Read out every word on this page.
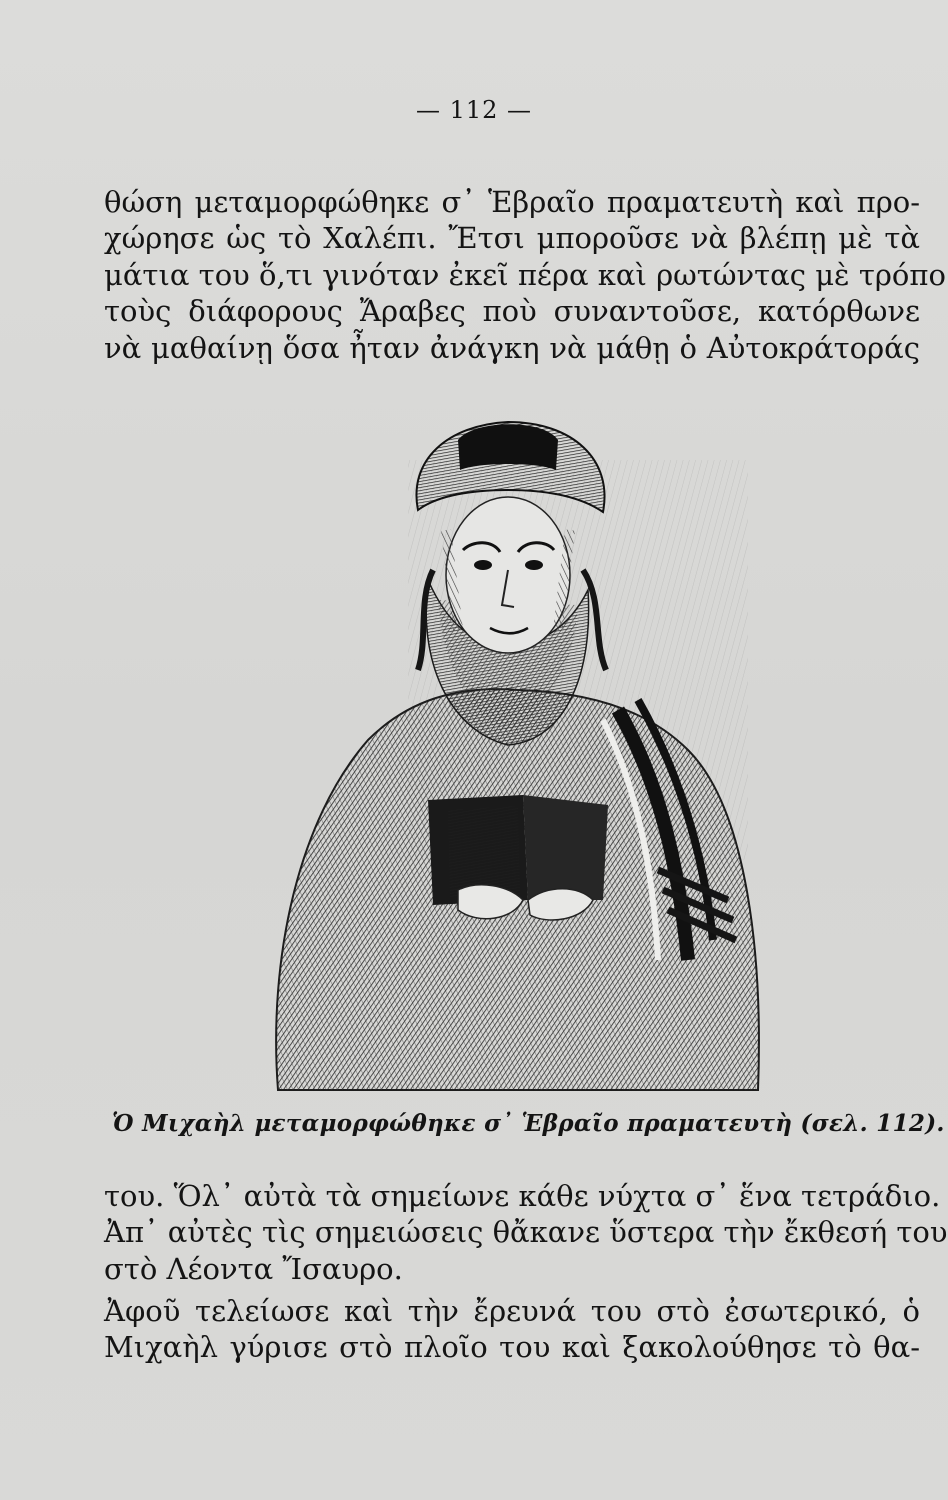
— 112 —
θώση μεταμορφώθηκε σ᾽ Ἑβραῖο πραματευτὴ καὶ προ-
χώρησε ὡς τὸ Χαλέπι. Ἔτσι μποροῦσε νὰ βλέπῃ μὲ τὰ
μάτια του ὅ,τι γινόταν ἐκεῖ πέρα καὶ ρωτώντας μὲ τρόπο
τοὺς διάφορους Ἄραβες ποὺ συναντοῦσε, κατόρθωνε
νὰ μαθαίνῃ ὅσα ἦταν ἀνάγκη νὰ μάθῃ ὁ Αὐτοκράτοράς
Ὁ Μιχαὴλ μεταμορφώθηκε σ᾽ Ἑβραῖο πραματευτὴ (σελ. 112).
του. Ὅλ᾽ αὐτὰ τὰ σημείωνε κάθε νύχτα σ᾽ ἕνα τετράδιο.
Ἀπ᾽ αὐτὲς τὶς σημειώσεις θἄκανε ὕστερα τὴν ἔκθεσή του
στὸ Λέοντα Ἴσαυρο.
Ἀφοῦ τελείωσε καὶ τὴν ἔρευνά του στὸ ἐσωτερικό, ὁ
Μιχαὴλ γύρισε στὸ πλοῖο του καὶ ξακολούθησε τὸ θα-
